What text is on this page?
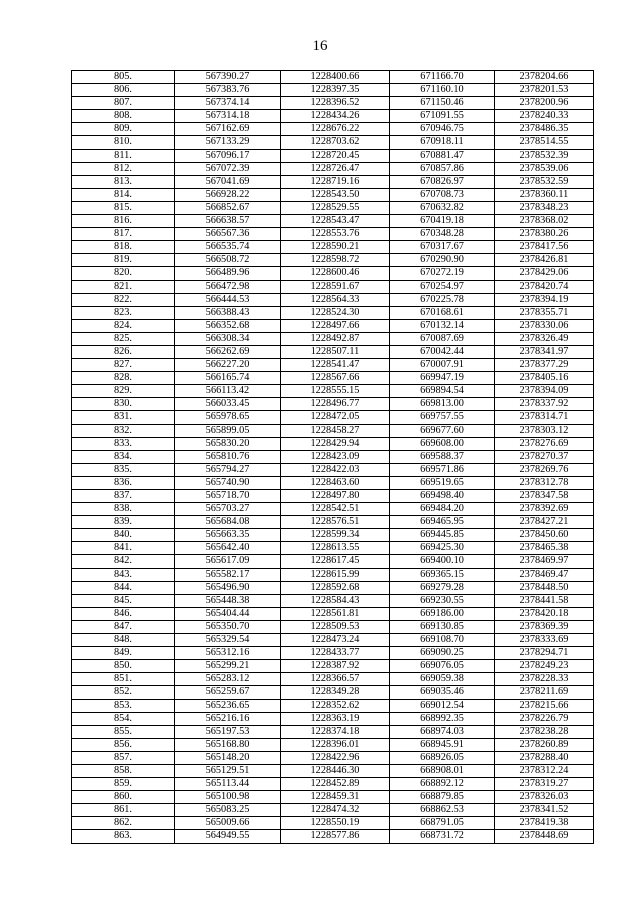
16
805.	567390.27	1228400.66	671166.70	2378204.66
806.	567383.76	1228397.35	671160.10	2378201.53
807.	567374.14	1228396.52	671150.46	2378200.96
808.	567314.18	1228434.26	671091.55	2378240.33
809.	567162.69	1228676.22	670946.75	2378486.35
810.	567133.29	1228703.62	670918.11	2378514.55
811.	567096.17	1228720.45	670881.47	2378532.39
812.	567072.39	1228726.47	670857.86	2378539.06
813.	567041.69	1228719.16	670826.97	2378532.59
814.	566928.22	1228543.50	670708.73	2378360.11
815.	566852.67	1228529.55	670632.82	2378348.23
816.	566638.57	1228543.47	670419.18	2378368.02
817.	566567.36	1228553.76	670348.28	2378380.26
818.	566535.74	1228590.21	670317.67	2378417.56
819.	566508.72	1228598.72	670290.90	2378426.81
820.	566489.96	1228600.46	670272.19	2378429.06
821.	566472.98	1228591.67	670254.97	2378420.74
822.	566444.53	1228564.33	670225.78	2378394.19
823.	566388.43	1228524.30	670168.61	2378355.71
824.	566352.68	1228497.66	670132.14	2378330.06
825.	566308.34	1228492.87	670087.69	2378326.49
826.	566262.69	1228507.11	670042.44	2378341.97
827.	566227.20	1228541.47	670007.91	2378377.29
828.	566165.74	1228567.66	669947.19	2378405.16
829.	566113.42	1228555.15	669894.54	2378394.09
830.	566033.45	1228496.77	669813.00	2378337.92
831.	565978.65	1228472.05	669757.55	2378314.71
832.	565899.05	1228458.27	669677.60	2378303.12
833.	565830.20	1228429.94	669608.00	2378276.69
834.	565810.76	1228423.09	669588.37	2378270.37
835.	565794.27	1228422.03	669571.86	2378269.76
836.	565740.90	1228463.60	669519.65	2378312.78
837.	565718.70	1228497.80	669498.40	2378347.58
838.	565703.27	1228542.51	669484.20	2378392.69
839.	565684.08	1228576.51	669465.95	2378427.21
840.	565663.35	1228599.34	669445.85	2378450.60
841.	565642.40	1228613.55	669425.30	2378465.38
842.	565617.09	1228617.45	669400.10	2378469.97
843.	565582.17	1228615.99	669365.15	2378469.47
844.	565496.90	1228592.68	669279.28	2378448.50
845.	565448.38	1228584.43	669230.55	2378441.58
846.	565404.44	1228561.81	669186.00	2378420.18
847.	565350.70	1228509.53	669130.85	2378369.39
848.	565329.54	1228473.24	669108.70	2378333.69
849.	565312.16	1228433.77	669090.25	2378294.71
850.	565299.21	1228387.92	669076.05	2378249.23
851.	565283.12	1228366.57	669059.38	2378228.33
852.	565259.67	1228349.28	669035.46	2378211.69
853.	565236.65	1228352.62	669012.54	2378215.66
854.	565216.16	1228363.19	668992.35	2378226.79
855.	565197.53	1228374.18	668974.03	2378238.28
856.	565168.80	1228396.01	668945.91	2378260.89
857.	565148.20	1228422.96	668926.05	2378288.40
858.	565129.51	1228446.30	668908.01	2378312.24
859.	565113.44	1228452.89	668892.12	2378319.27
860.	565100.98	1228459.31	668879.85	2378326.03
861.	565083.25	1228474.32	668862.53	2378341.52
862.	565009.66	1228550.19	668791.05	2378419.38
863.	564949.55	1228577.86	668731.72	2378448.69
